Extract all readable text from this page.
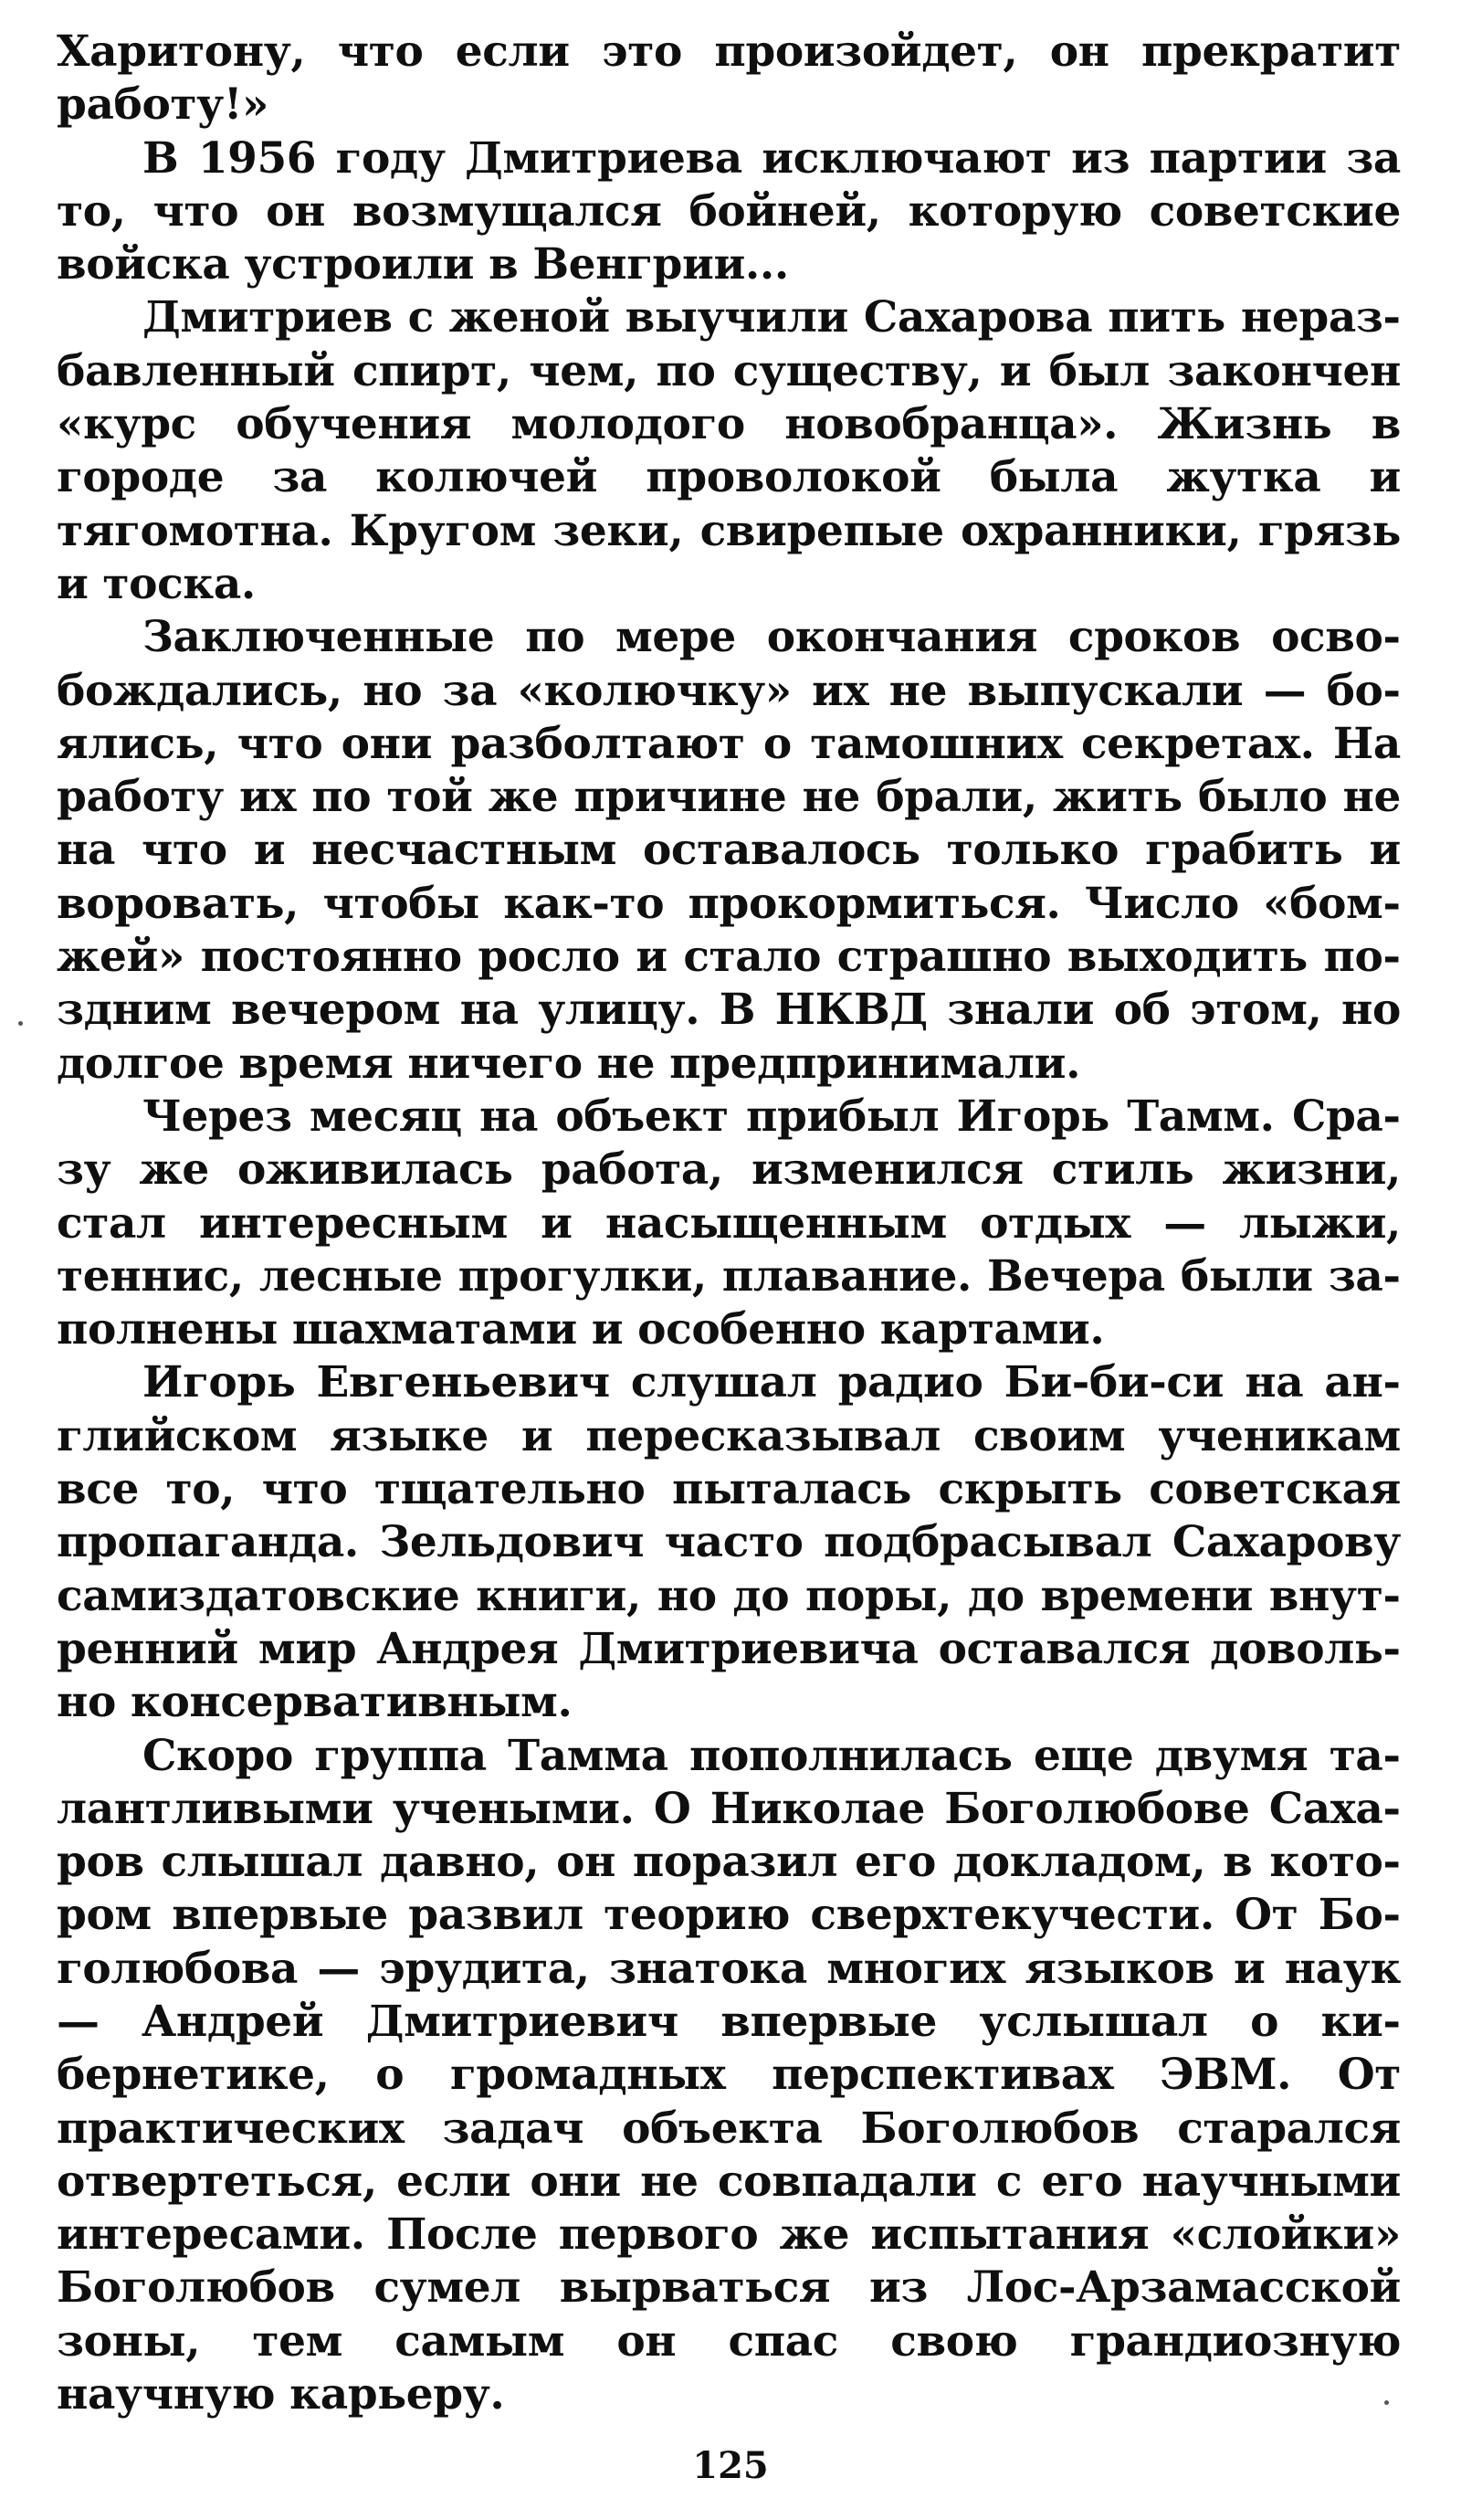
Харитону, что если это произойдет, он прекратит работу!»

В 1956 году Дмитриева исключают из партии за то, что он возмущался бойней, которую советские войска устроили в Венгрии...

Дмитриев с женой выучили Сахарова пить неразбавленный спирт, чем, по существу, и был закончен «курс обучения молодого новобранца». Жизнь в городе за колючей проволокой была жутка и тягомотна. Кругом зеки, свирепые охранники, грязь и тоска.

Заключенные по мере окончания сроков освобождались, но за «колючку» их не выпускали — боялись, что они разболтают о тамошних секретах. На работу их по той же причине не брали, жить было не на что и несчастным оставалось только грабить и воровать, чтобы как-то прокормиться. Число «бомжей» постоянно росло и стало страшно выходить поздним вечером на улицу. В НКВД знали об этом, но долгое время ничего не предпринимали.

Через месяц на объект прибыл Игорь Тамм. Сразу же оживилась работа, изменился стиль жизни, стал интересным и насыщенным отдых — лыжи, теннис, лесные прогулки, плавание. Вечера были заполнены шахматами и особенно картами.

Игорь Евгеньевич слушал радио Би-би-си на английском языке и пересказывал своим ученикам все то, что тщательно пыталась скрыть советская пропаганда. Зельдович часто подбрасывал Сахарову самиздатовские книги, но до поры, до времени внутренний мир Андрея Дмитриевича оставался довольно консервативным.

Скоро группа Тамма пополнилась еще двумя талантливыми учеными. О Николае Боголюбове Сахаров слышал давно, он поразил его докладом, в котором впервые развил теорию сверхтекучести. От Боголюбова — эрудита, знатока многих языков и наук — Андрей Дмитриевич впервые услышал о кибернетике, о громадных перспективах ЭВМ. От практических задач объекта Боголюбов старался отвертеться, если они не совпадали с его научными интересами. После первого же испытания «слойки» Боголюбов сумел вырваться из Лос-Арзамасской зоны, тем самым он спас свою грандиозную научную карьеру.

125
